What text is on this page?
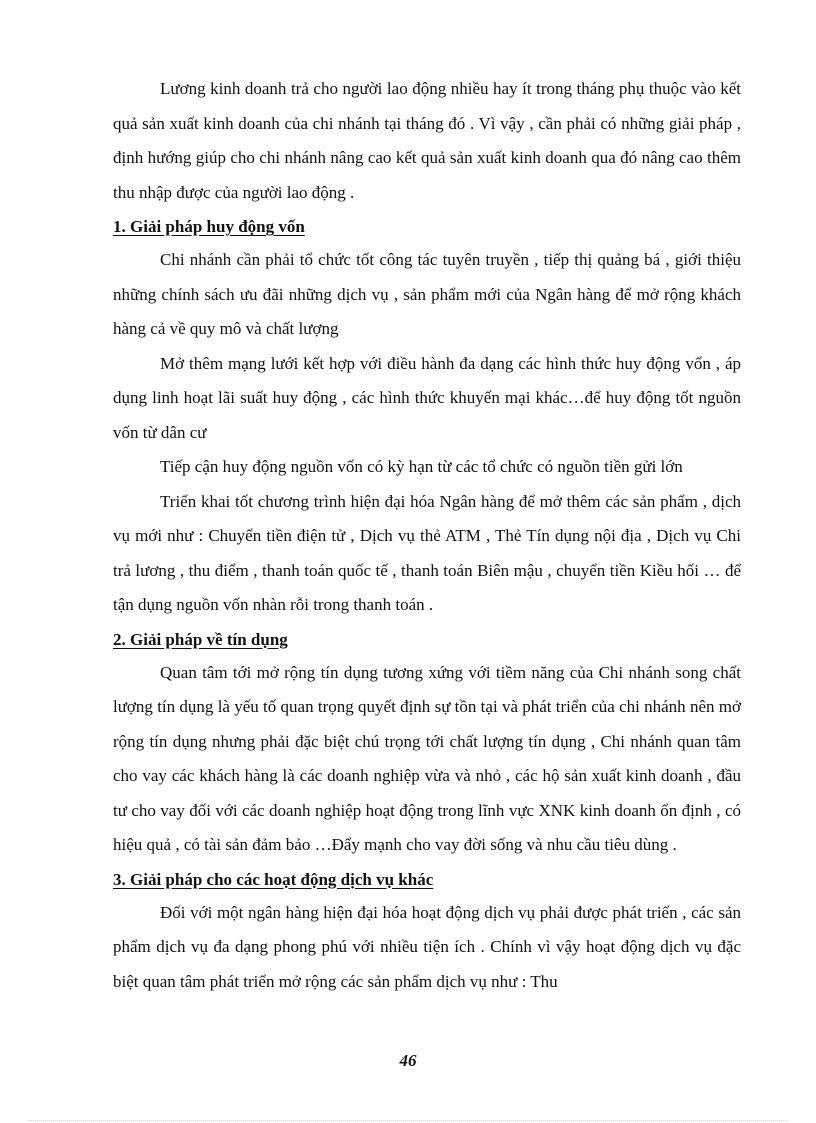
Lương kinh doanh trả cho người lao động nhiều hay ít trong tháng phụ thuộc vào kết quả sản xuất kinh doanh của chi nhánh tại tháng đó . Vì vậy , cần phải có những giải pháp , định hướng giúp cho chi nhánh nâng cao kết quả sản xuất kinh doanh qua đó nâng cao thêm thu nhập được của người lao động .

1. Giải pháp huy động vốn

Chi nhánh cần phải tổ chức tốt công tác tuyên truyền , tiếp thị quảng bá , giới thiệu những chính sách ưu đãi những dịch vụ , sản phẩm mới của Ngân hàng để mở rộng khách hàng cả về quy mô và chất lượng

Mở thêm mạng lưới kết hợp với điều hành đa dạng các hình thức huy động vốn , áp dụng linh hoạt lãi suất huy động , các hình thức khuyến mại khác…để huy động tốt nguồn vốn từ dân cư

Tiếp cận huy động nguồn vốn có kỳ hạn từ các tổ chức có nguồn tiền gửi lớn

Triển khai tốt chương trình hiện đại hóa Ngân hàng để mở thêm các sản phẩm , dịch vụ mới như : Chuyển tiền điện tử , Dịch vụ thẻ ATM , Thẻ Tín dụng nội địa , Dịch vụ Chi trả lương , thu điểm , thanh toán quốc tế , thanh toán Biên mậu , chuyển tiền Kiều hối … để tận dụng nguồn vốn nhàn rỗi trong thanh toán .

2. Giải pháp về tín dụng

Quan tâm tới mở rộng tín dụng tương xứng với tiềm năng của Chi nhánh song chất lượng tín dụng là yếu tố quan trọng quyết định sự tồn tại và phát triển của chi nhánh nên mở rộng tín dụng nhưng phải đặc biệt chú trọng tới chất lượng tín dụng , Chi nhánh quan tâm cho vay các khách hàng là các doanh nghiệp vừa và nhỏ , các hộ sản xuất kinh doanh , đầu tư cho vay đối với các doanh nghiệp hoạt động trong lĩnh vực XNK kinh doanh ổn định , có hiệu quả , có tài sản đảm bảo …Đẩy mạnh cho vay đời sống và nhu cầu tiêu dùng .

3. Giải pháp cho các hoạt động dịch vụ khác

Đối với một ngân hàng hiện đại hóa hoạt động dịch vụ phải được phát triển , các sản phẩm dịch vụ đa dạng phong phú với nhiều tiện ích . Chính vì vậy hoạt động dịch vụ đặc biệt quan tâm phát triển mở rộng các sản phẩm dịch vụ như : Thu

46
